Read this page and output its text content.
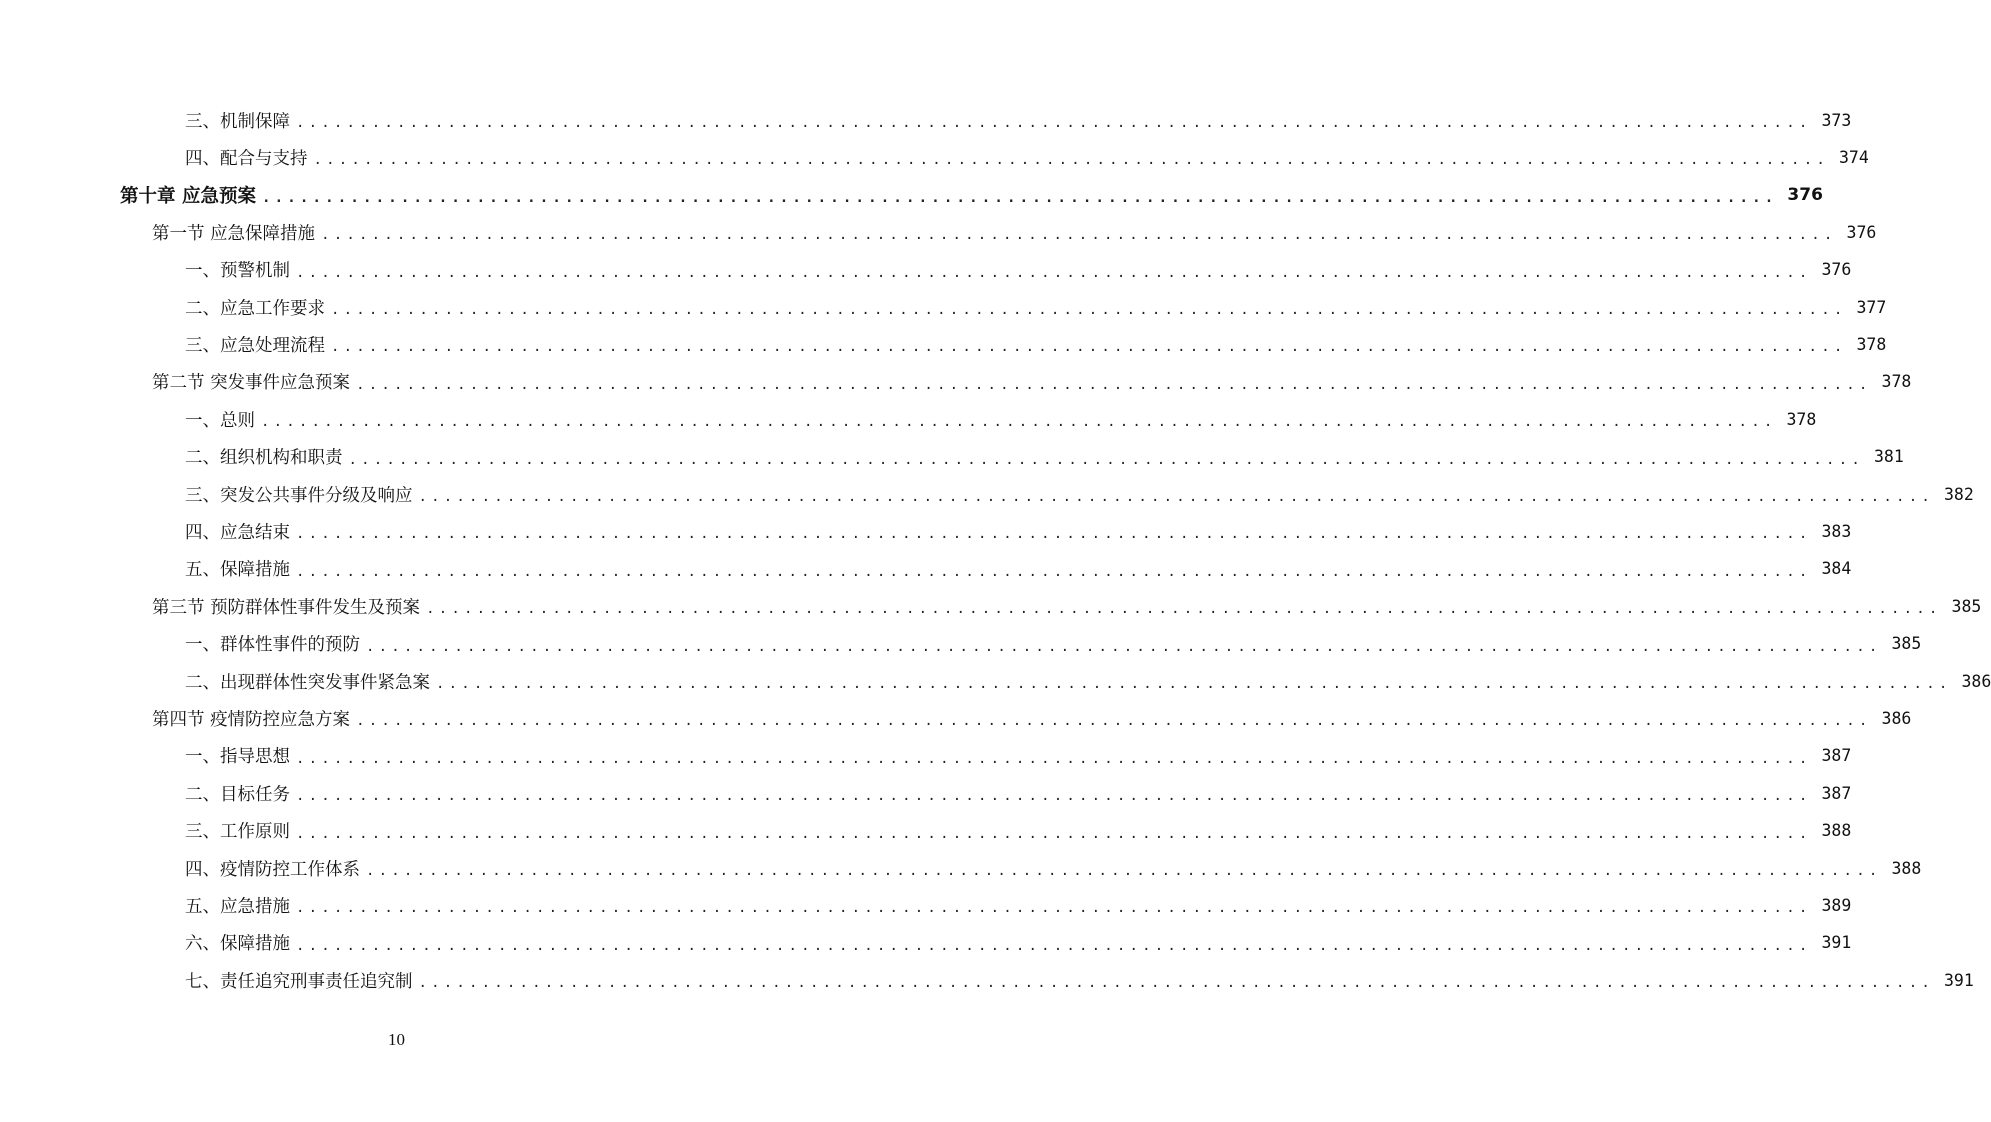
三、机制保障 ........................................................................................................................ 373
四、配合与支持 ........................................................................................................................ 374
第十章 应急预案 ........................................................................................................................ 376
第一节 应急保障措施 ........................................................................................................................ 376
一、预警机制 ........................................................................................................................ 376
二、应急工作要求 ........................................................................................................................ 377
三、应急处理流程 ........................................................................................................................ 378
第二节 突发事件应急预案 ........................................................................................................................ 378
一、总则 ........................................................................................................................ 378
二、组织机构和职责 ........................................................................................................................ 381
三、突发公共事件分级及响应 ........................................................................................................................ 382
四、应急结束 ........................................................................................................................ 383
五、保障措施 ........................................................................................................................ 384
第三节 预防群体性事件发生及预案 ........................................................................................................................ 385
一、群体性事件的预防 ........................................................................................................................ 385
二、出现群体性突发事件紧急案 ........................................................................................................................ 386
第四节 疫情防控应急方案 ........................................................................................................................ 386
一、指导思想 ........................................................................................................................ 387
二、目标任务 ........................................................................................................................ 387
三、工作原则 ........................................................................................................................ 388
四、疫情防控工作体系 ........................................................................................................................ 388
五、应急措施 ........................................................................................................................ 389
六、保障措施 ........................................................................................................................ 391
七、责任追究刑事责任追究制 ........................................................................................................................ 391
10
